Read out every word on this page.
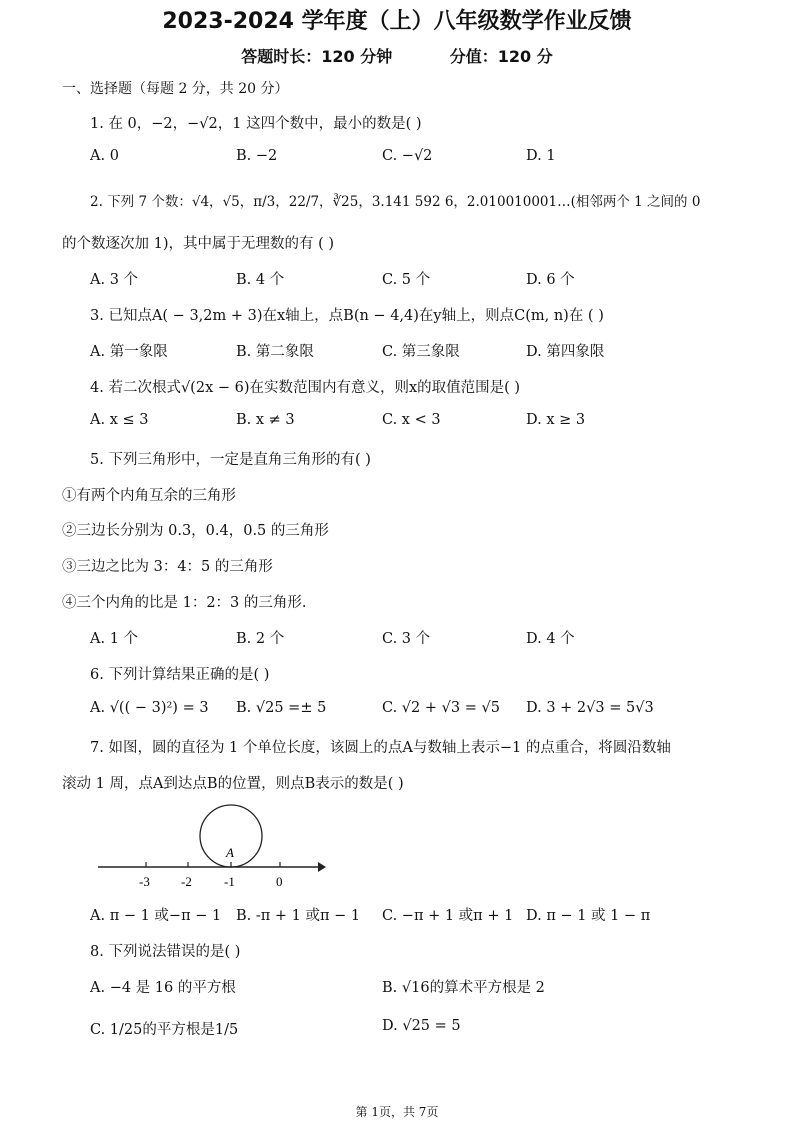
2023-2024 学年度（上）八年级数学作业反馈
答题时长：120 分钟	分值：120 分
一、选择题（每题 2 分，共 20 分）
1. 在 0，−2，−√2，1 这四个数中，最小的数是( )
A. 0	B. −2	C. −√2	D. 1
2. 下列 7 个数：√4，√5，π/3，22/7，∛25，3.141 592 6，2.010010001…(相邻两个 1 之间的 0
的个数逐次加 1)，其中属于无理数的有 ( )
A. 3 个	B. 4 个	C. 5 个	D. 6 个
3. 已知点A( − 3,2m + 3)在x轴上，点B(n − 4,4)在y轴上，则点C(m, n)在 ( )
A. 第一象限	B. 第二象限	C. 第三象限	D. 第四象限
4. 若二次根式√(2x − 6)在实数范围内有意义，则x的取值范围是( )
A. x ≤ 3	B. x ≠ 3	C. x < 3	D. x ≥ 3
5. 下列三角形中，一定是直角三角形的有( )
①有两个内角互余的三角形
②三边长分别为 0.3，0.4，0.5 的三角形
③三边之比为 3：4：5 的三角形
④三个内角的比是 1：2：3 的三角形.
A. 1 个	B. 2 个	C. 3 个	D. 4 个
6. 下列计算结果正确的是( )
A. √(( − 3)²) = 3 B. √25 =± 5	C. √2 + √3 = √5 D. 3 + 2√3 = 5√3
7. 如图，圆的直径为 1 个单位长度，该圆上的点A与数轴上表示−1 的点重合，将圆沿数轴
滚动 1 周，点A到达点B的位置，则点B表示的数是( )
A
-3 -2 -1	0
A. π − 1 或−π − 1 B. -π + 1 或π − 1 C. −π + 1 或π + 1 D. π − 1 或 1 − π
8. 下列说法错误的是( )
A. −4 是 16 的平方根	B. √16的算术平方根是 2
C. 1/25的平方根是1/5	D. √25 = 5
第 1页，共 7页
